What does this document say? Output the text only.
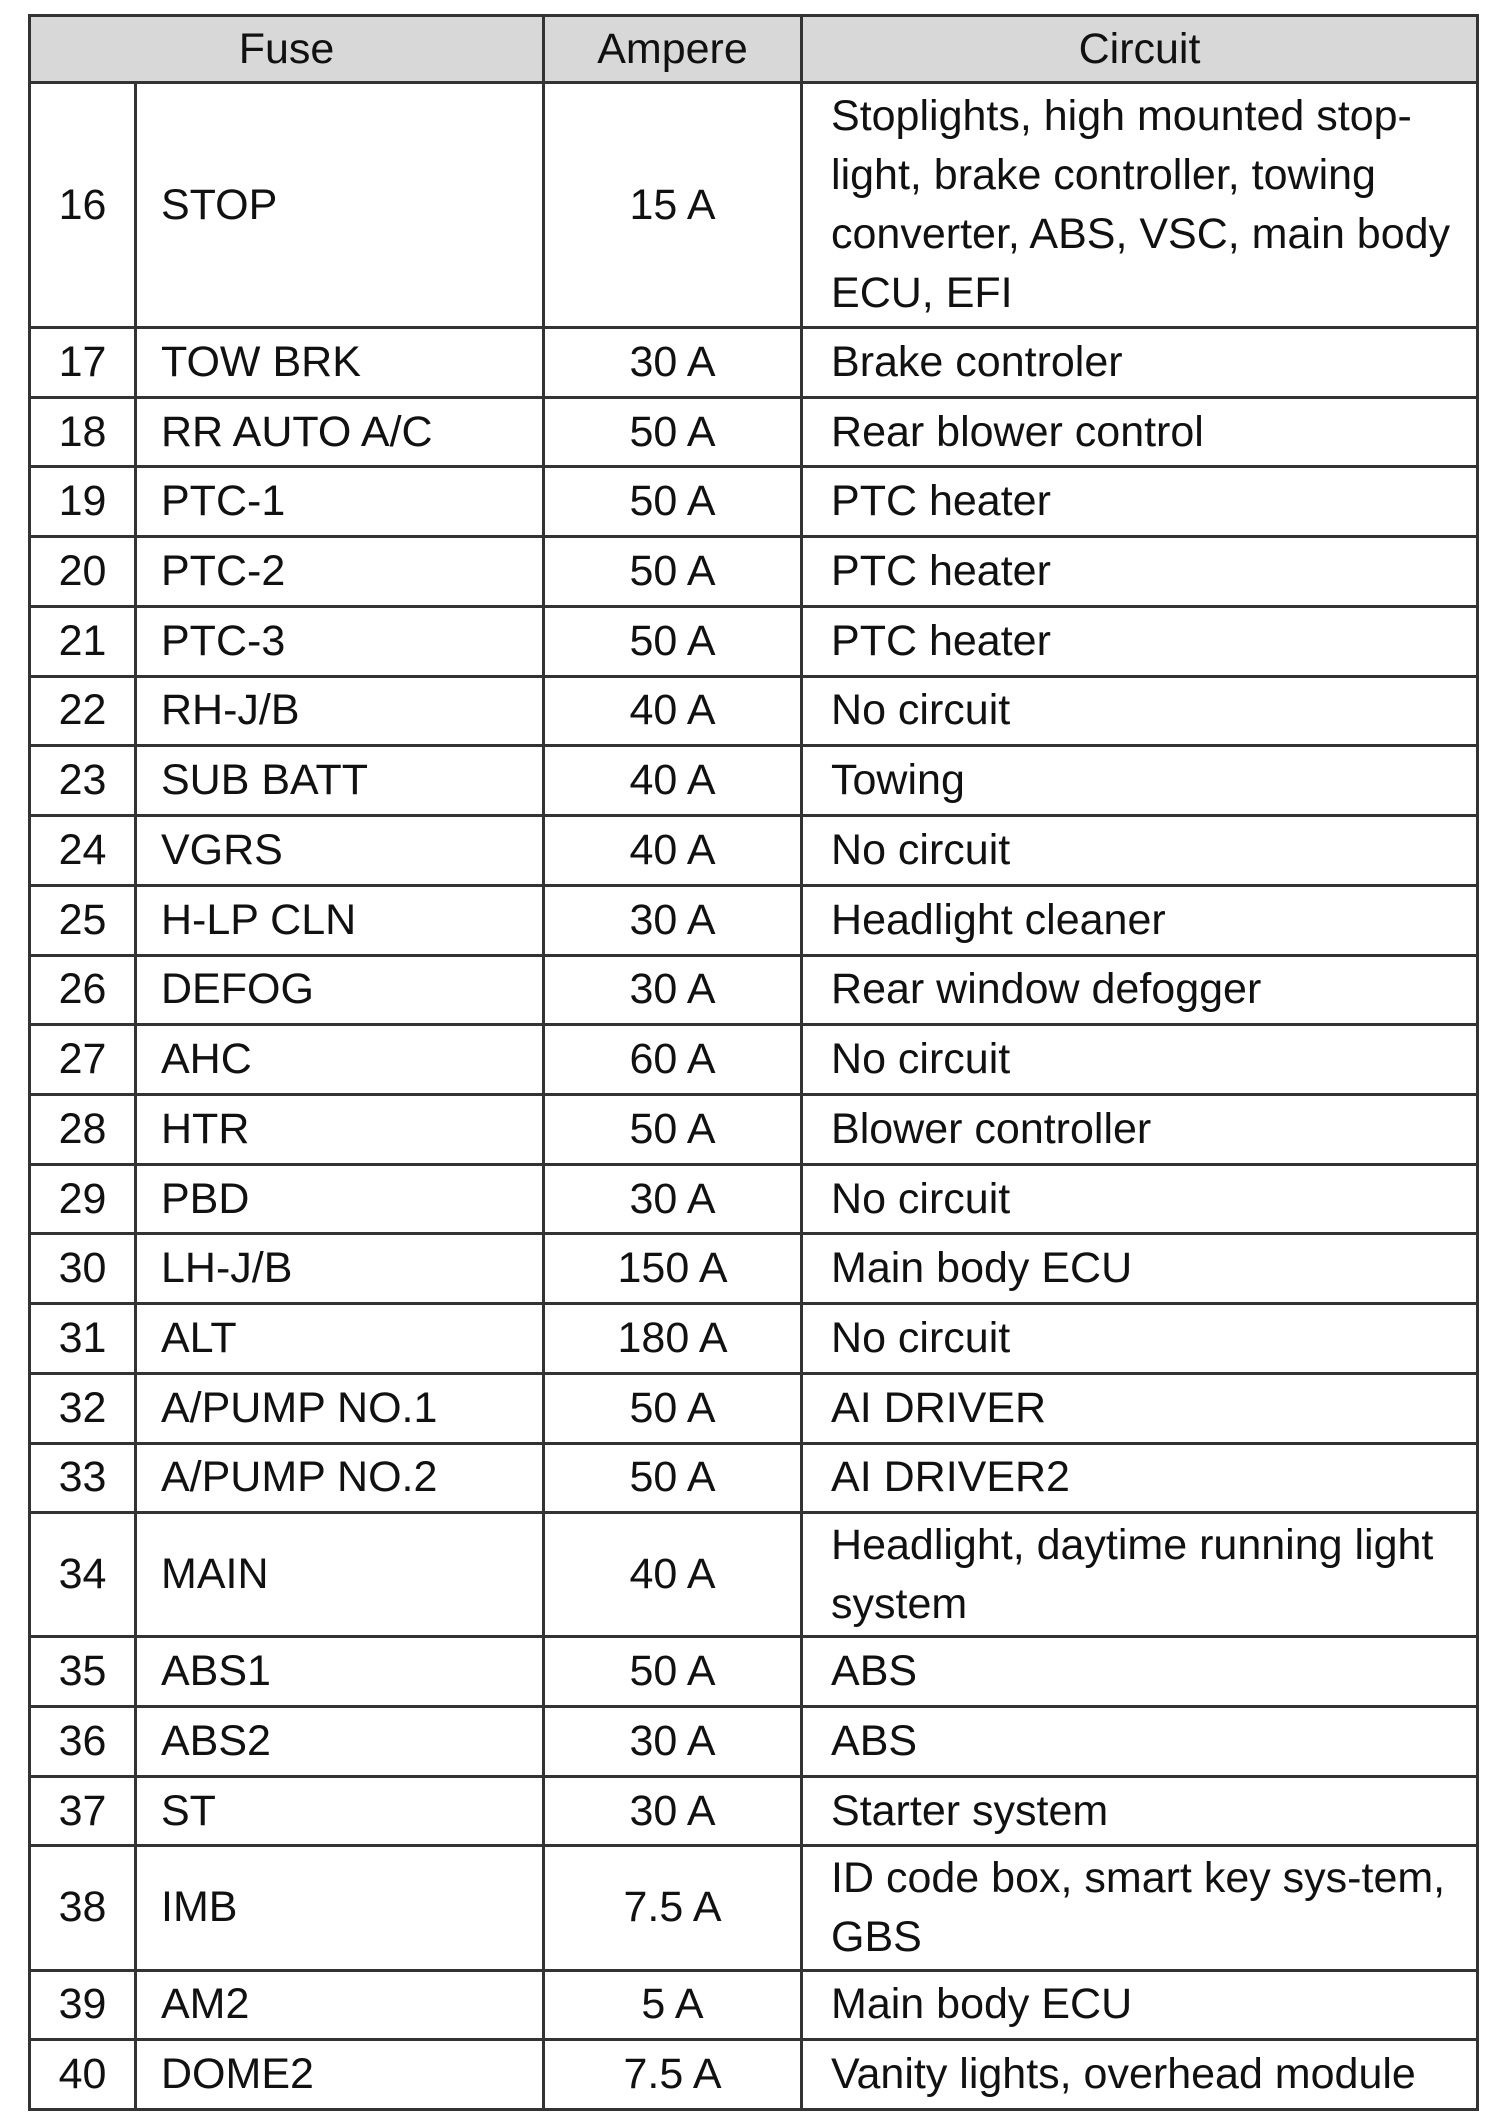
Fuse		Ampere	Circuit
16	STOP	15 A	Stoplights, high mounted stop-light, brake controller, towing converter, ABS, VSC, main body ECU, EFI
17	TOW BRK	30 A	Brake controler
18	RR AUTO A/C	50 A	Rear blower control
19	PTC-1	50 A	PTC heater
20	PTC-2	50 A	PTC heater
21	PTC-3	50 A	PTC heater
22	RH-J/B	40 A	No circuit
23	SUB BATT	40 A	Towing
24	VGRS	40 A	No circuit
25	H-LP CLN	30 A	Headlight cleaner
26	DEFOG	30 A	Rear window defogger
27	AHC	60 A	No circuit
28	HTR	50 A	Blower controller
29	PBD	30 A	No circuit
30	LH-J/B	150 A	Main body ECU
31	ALT	180 A	No circuit
32	A/PUMP NO.1	50 A	AI DRIVER
33	A/PUMP NO.2	50 A	AI DRIVER2
34	MAIN	40 A	Headlight, daytime running light system
35	ABS1	50 A	ABS
36	ABS2	30 A	ABS
37	ST	30 A	Starter system
38	IMB	7.5 A	ID code box, smart key sys-tem, GBS
39	AM2	5 A	Main body ECU
40	DOME2	7.5 A	Vanity lights, overhead module
